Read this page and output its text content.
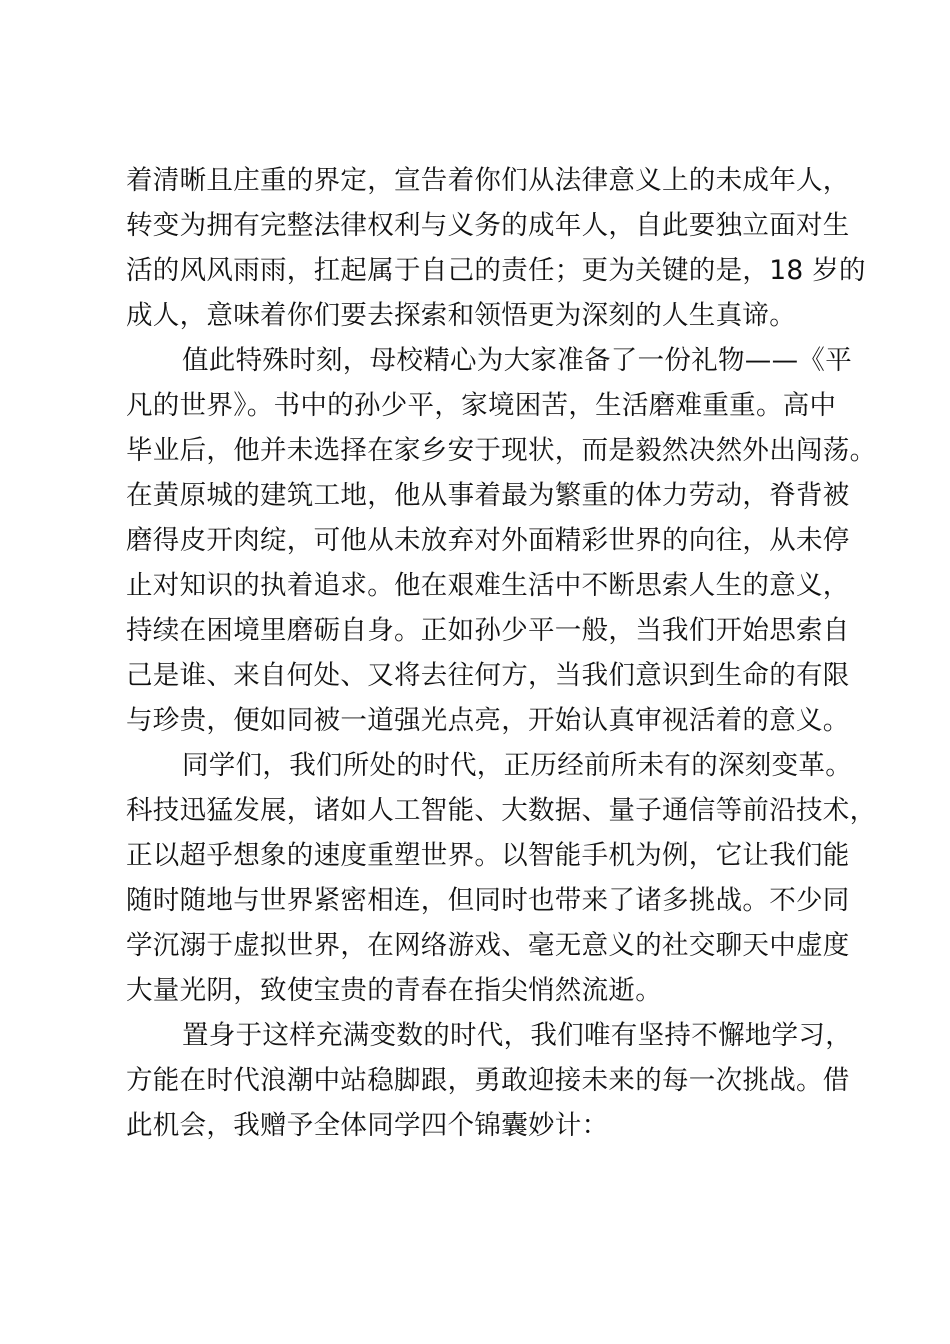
着清晰且庄重的界定，宣告着你们从法律意义上的未成年人，
转变为拥有完整法律权利与义务的成年人，自此要独立面对生
活的风风雨雨，扛起属于自己的责任；更为关键的是，18 岁的
成人，意味着你们要去探索和领悟更为深刻的人生真谛。
值此特殊时刻，母校精心为大家准备了一份礼物——《平
凡的世界》。书中的孙少平，家境困苦，生活磨难重重。高中
毕业后，他并未选择在家乡安于现状，而是毅然决然外出闯荡。
在黄原城的建筑工地，他从事着最为繁重的体力劳动，脊背被
磨得皮开肉绽，可他从未放弃对外面精彩世界的向往，从未停
止对知识的执着追求。他在艰难生活中不断思索人生的意义，
持续在困境里磨砺自身。正如孙少平一般，当我们开始思索自
己是谁、来自何处、又将去往何方，当我们意识到生命的有限
与珍贵，便如同被一道强光点亮，开始认真审视活着的意义。
同学们，我们所处的时代，正历经前所未有的深刻变革。
科技迅猛发展，诸如人工智能、大数据、量子通信等前沿技术，
正以超乎想象的速度重塑世界。以智能手机为例，它让我们能
随时随地与世界紧密相连，但同时也带来了诸多挑战。不少同
学沉溺于虚拟世界，在网络游戏、毫无意义的社交聊天中虚度
大量光阴，致使宝贵的青春在指尖悄然流逝。
置身于这样充满变数的时代，我们唯有坚持不懈地学习，
方能在时代浪潮中站稳脚跟，勇敢迎接未来的每一次挑战。借
此机会，我赠予全体同学四个锦囊妙计：
